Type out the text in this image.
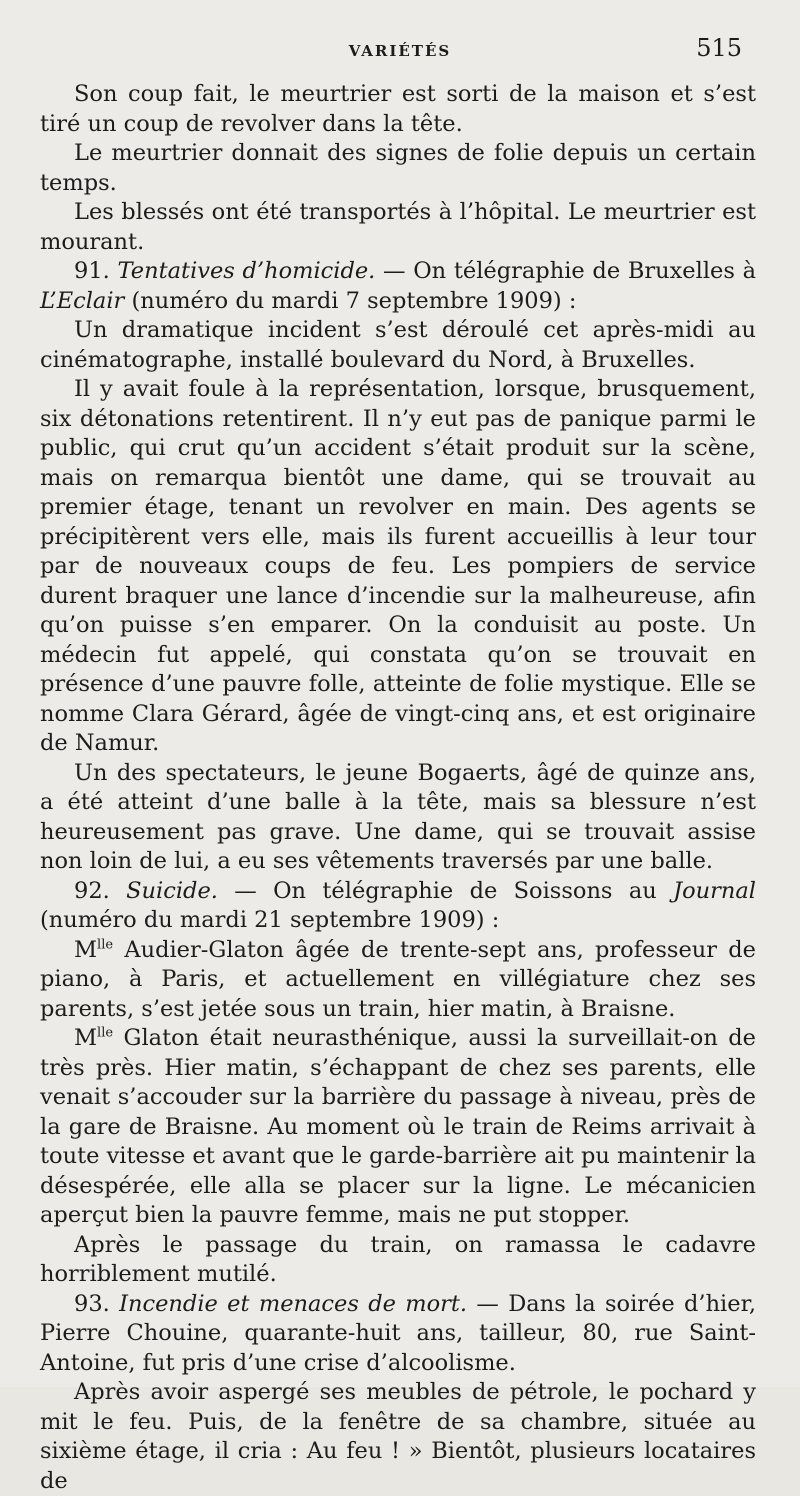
VARIÉTÉS	515

Son coup fait, le meurtrier est sorti de la maison et s’est tiré un coup de revolver dans la tête.

Le meurtrier donnait des signes de folie depuis un certain temps.

Les blessés ont été transportés à l’hôpital. Le meurtrier est mourant.

91. Tentatives d’homicide. — On télégraphie de Bruxelles à L’Eclair (numéro du mardi 7 septembre 1909) :

Un dramatique incident s’est déroulé cet après-midi au cinématographe, installé boulevard du Nord, à Bruxelles.

Il y avait foule à la représentation, lorsque, brusquement, six détonations retentirent. Il n’y eut pas de panique parmi le public, qui crut qu’un accident s’était produit sur la scène, mais on remarqua bientôt une dame, qui se trouvait au premier étage, tenant un revolver en main. Des agents se précipitèrent vers elle, mais ils furent accueillis à leur tour par de nouveaux coups de feu. Les pompiers de service durent braquer une lance d’incendie sur la malheureuse, afin qu’on puisse s’en emparer. On la conduisit au poste. Un médecin fut appelé, qui constata qu’on se trouvait en présence d’une pauvre folle, atteinte de folie mystique. Elle se nomme Clara Gérard, âgée de vingt-cinq ans, et est originaire de Namur.

Un des spectateurs, le jeune Bogaerts, âgé de quinze ans, a été atteint d’une balle à la tête, mais sa blessure n’est heureusement pas grave. Une dame, qui se trouvait assise non loin de lui, a eu ses vêtements traversés par une balle.

92. Suicide. — On télégraphie de Soissons au Journal (numéro du mardi 21 septembre 1909) :

$M^{lle}$ Audier-Glaton âgée de trente-sept ans, professeur de piano, à Paris, et actuellement en villégiature chez ses parents, s’est jetée sous un train, hier matin, à Braisne.

$M^{lle}$ Glaton était neurasthénique, aussi la surveillait-on de très près. Hier matin, s’échappant de chez ses parents, elle venait s’accouder sur la barrière du passage à niveau, près de la gare de Braisne. Au moment où le train de Reims arrivait à toute vitesse et avant que le garde-barrière ait pu maintenir la désespérée, elle alla se placer sur la ligne. Le mécanicien aperçut bien la pauvre femme, mais ne put stopper.

Après le passage du train, on ramassa le cadavre horriblement mutilé.

93. Incendie et menaces de mort. — Dans la soirée d’hier, Pierre Chouine, quarante-huit ans, tailleur, 80, rue Saint-Antoine, fut pris d’une crise d’alcoolisme.

Après avoir aspergé ses meubles de pétrole, le pochard y mit le feu. Puis, de la fenêtre de sa chambre, située au sixième étage, il cria : Au feu ! » Bientôt, plusieurs locataires de
